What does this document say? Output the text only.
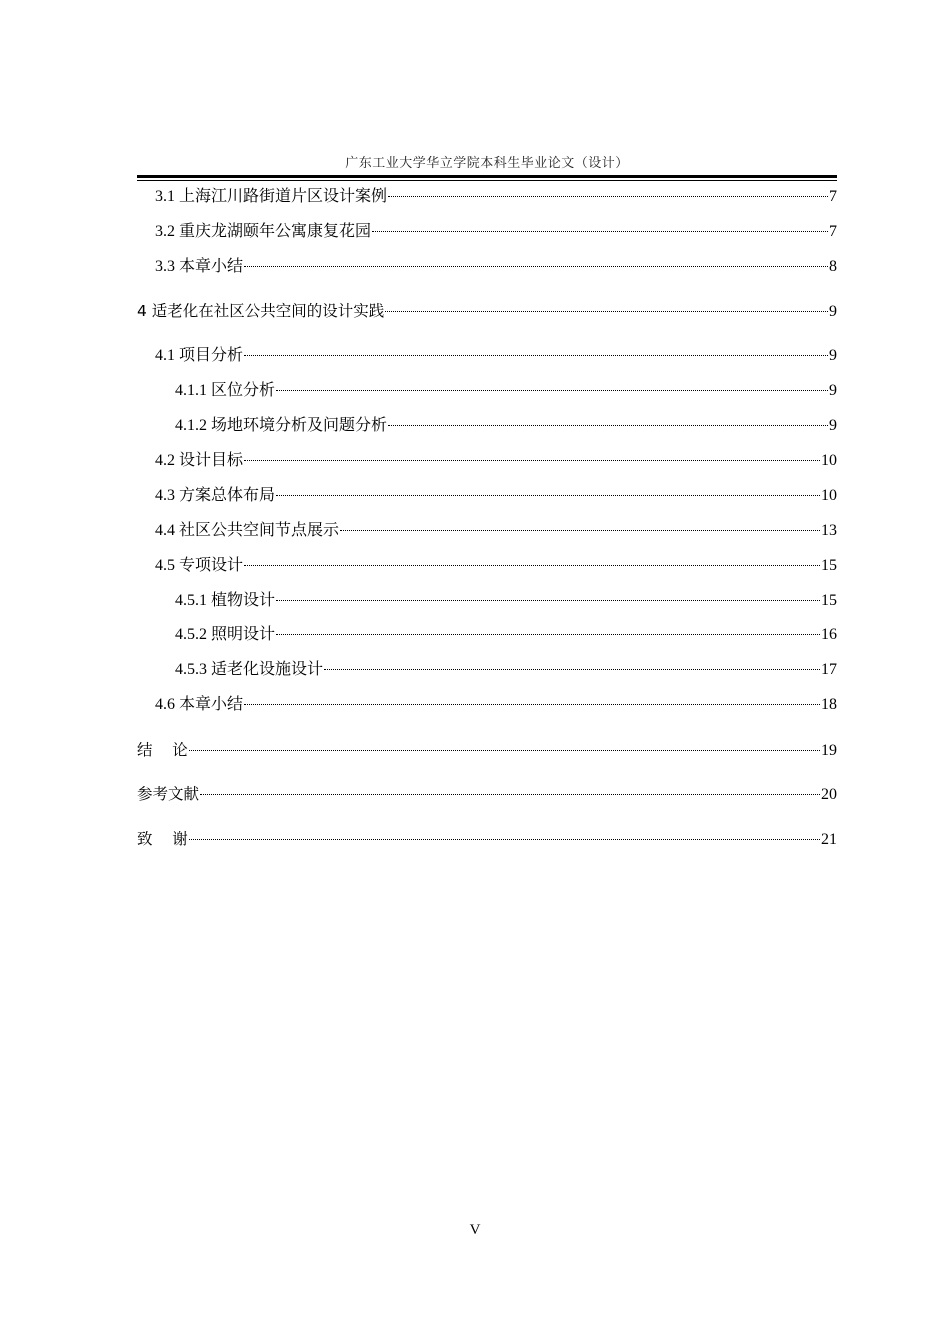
广东工业大学华立学院本科生毕业论文（设计）
3.1 上海江川路街道片区设计案例	7
3.2 重庆龙湖颐年公寓康复花园	7
3.3 本章小结	8
4 适老化在社区公共空间的设计实践	9
4.1 项目分析	9
4.1.1 区位分析	9
4.1.2 场地环境分析及问题分析	9
4.2 设计目标	10
4.3 方案总体布局	10
4.4 社区公共空间节点展示	13
4.5 专项设计	15
4.5.1 植物设计	15
4.5.2 照明设计	16
4.5.3 适老化设施设计	17
4.6 本章小结	18
结    论	19
参考文献	20
致    谢	21
V
